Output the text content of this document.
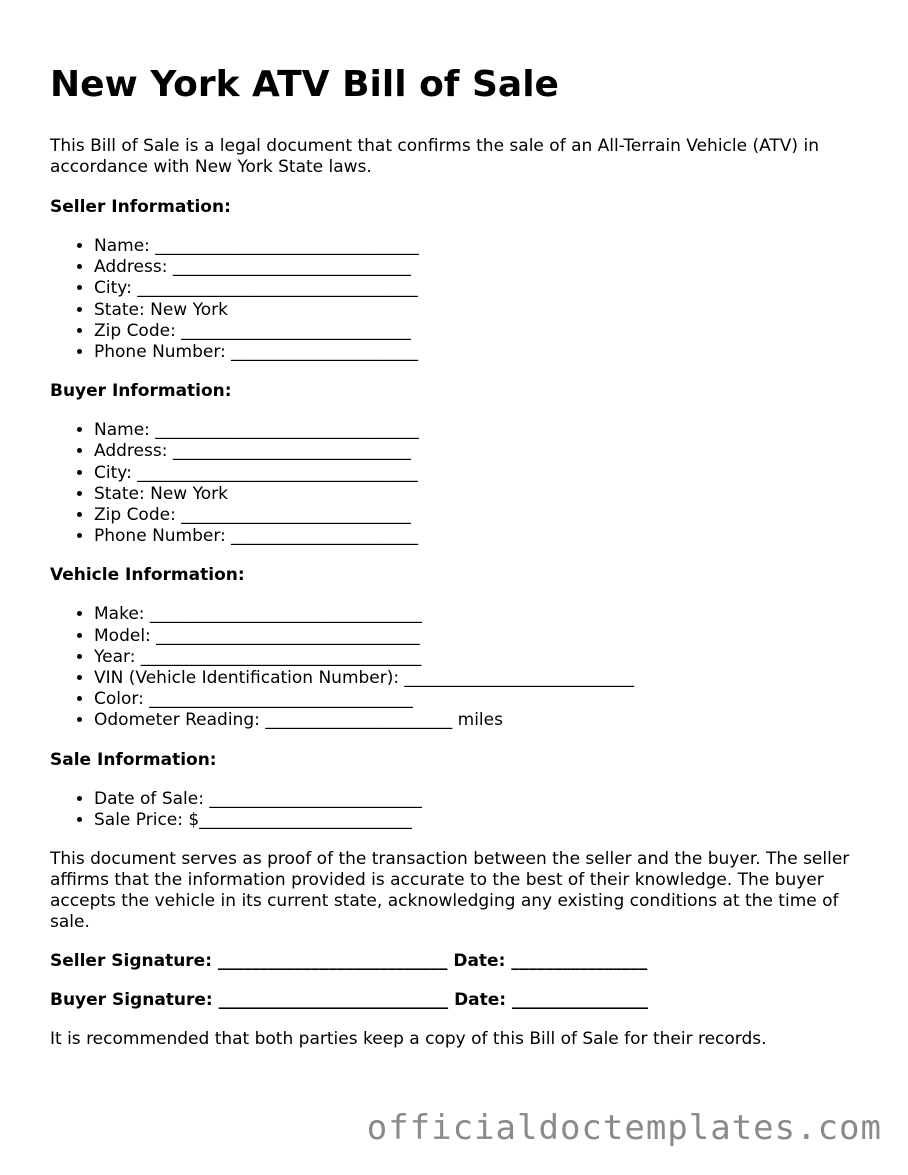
New York ATV Bill of Sale

This Bill of Sale is a legal document that confirms the sale of an All-Terrain Vehicle (ATV) in accordance with New York State laws.

Seller Information:
• Name: _______________________________
• Address: ____________________________
• City: _________________________________
• State: New York
• Zip Code: ___________________________
• Phone Number: ______________________
Buyer Information:
• Name: _______________________________
• Address: ____________________________
• City: _________________________________
• State: New York
• Zip Code: ___________________________
• Phone Number: ______________________
Vehicle Information:
• Make: ________________________________
• Model: _______________________________
• Year: _________________________________
• VIN (Vehicle Identification Number): ___________________________
• Color: _______________________________
• Odometer Reading: ______________________ miles
Sale Information:
• Date of Sale: _________________________
• Sale Price: $_________________________

This document serves as proof of the transaction between the seller and the buyer. The seller affirms that the information provided is accurate to the best of their knowledge. The buyer accepts the vehicle in its current state, acknowledging any existing conditions at the time of sale.

Seller Signature: ___________________________ Date: ________________
Buyer Signature: ___________________________ Date: ________________

It is recommended that both parties keep a copy of this Bill of Sale for their records.

officialdoctemplates.com
